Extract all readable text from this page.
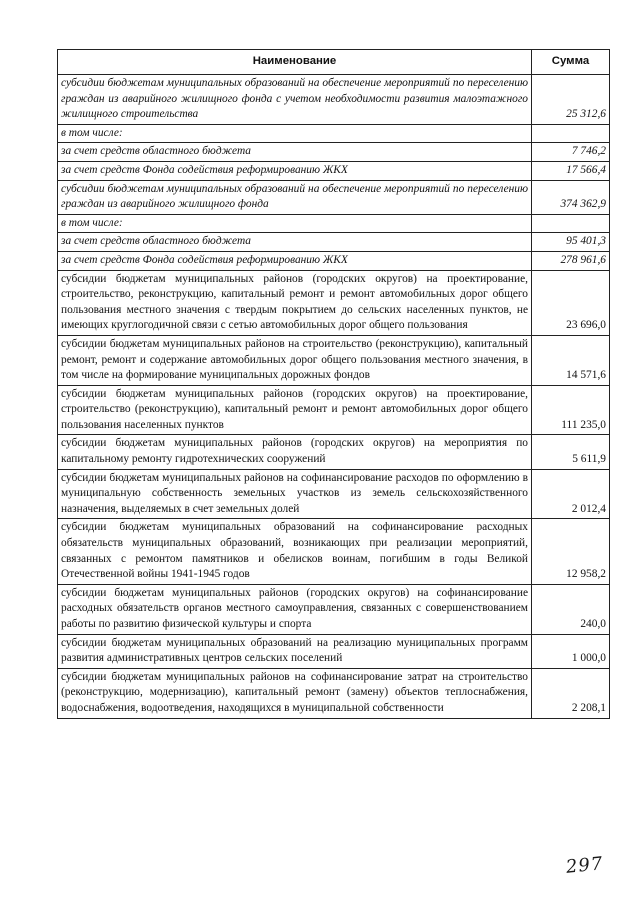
Наименование	Сумма
субсидии бюджетам муниципальных образований на обеспечение мероприятий по переселению граждан из аварийного жилищного фонда с учетом необходимости развития малоэтажного жилищного строительства	25 312,6
в том числе:	
за счет средств областного бюджета	7 746,2
за счет средств Фонда содействия реформированию ЖКХ	17 566,4
субсидии бюджетам муниципальных образований на обеспечение мероприятий по переселению граждан из аварийного жилищного фонда	374 362,9
в том числе:	
за счет средств областного бюджета	95 401,3
за счет средств Фонда содействия реформированию ЖКХ	278 961,6
субсидии бюджетам муниципальных районов (городских округов) на проектирование, строительство, реконструкцию, капитальный ремонт и ремонт автомобильных дорог общего пользования местного значения с твердым покрытием до сельских населенных пунктов, не имеющих круглогодичной связи с сетью автомобильных дорог общего пользования	23 696,0
субсидии бюджетам муниципальных районов на строительство (реконструкцию), капитальный ремонт, ремонт и содержание автомобильных дорог общего пользования местного значения, в том числе на формирование муниципальных дорожных фондов	14 571,6
субсидии бюджетам муниципальных районов (городских округов) на проектирование, строительство (реконструкцию), капитальный ремонт и ремонт автомобильных дорог общего пользования населенных пунктов	111 235,0
субсидии бюджетам муниципальных районов (городских округов) на мероприятия по капитальному ремонту гидротехнических сооружений	5 611,9
субсидии бюджетам муниципальных районов на софинансирование расходов по оформлению в муниципальную собственность земельных участков из земель сельскохозяйственного назначения, выделяемых в счет земельных долей	2 012,4
субсидии бюджетам муниципальных образований на софинансирование расходных обязательств муниципальных образований, возникающих при реализации мероприятий, связанных с ремонтом памятников и обелисков воинам, погибшим в годы Великой Отечественной войны 1941-1945 годов	12 958,2
субсидии бюджетам муниципальных районов (городских округов) на софинансирование расходных обязательств органов местного самоуправления, связанных с совершенствованием работы по развитию физической культуры и спорта	240,0
субсидии бюджетам муниципальных образований на реализацию муниципальных программ развития административных центров сельских поселений	1 000,0
субсидии бюджетам муниципальных районов на софинансирование затрат на строительство (реконструкцию, модернизацию), капитальный ремонт (замену) объектов теплоснабжения, водоснабжения, водоотведения, находящихся в муниципальной собственности	2 208,1
297
